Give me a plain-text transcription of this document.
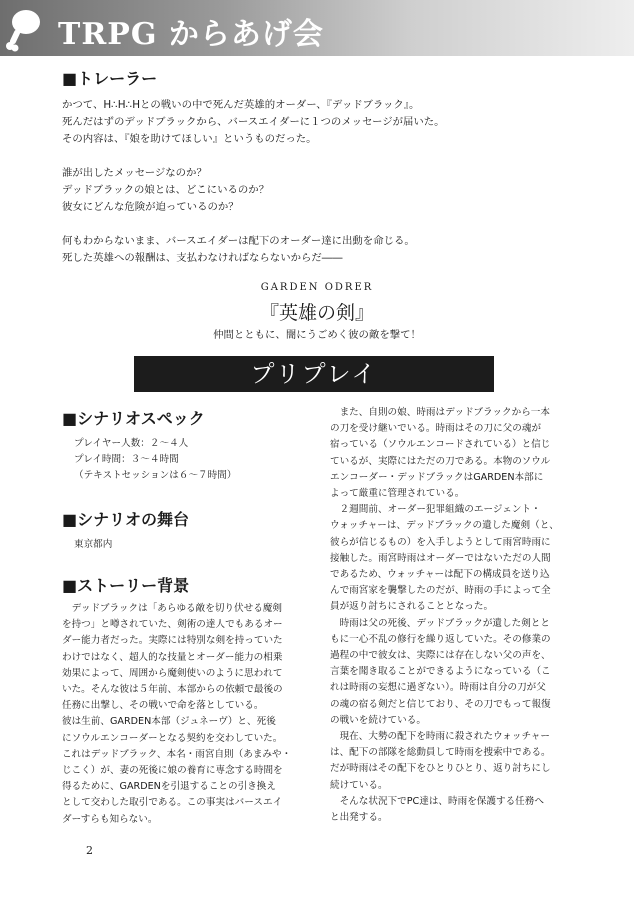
TRPG からあげ会
■トレーラー
かつて、H∴H∴Hとの戦いの中で死んだ英雄的オーダー、『デッドブラック』。
死んだはずのデッドブラックから、バースエイダーに１つのメッセージが届いた。
その内容は、『娘を助けてほしい』というものだった。
誰が出したメッセージなのか？
デッドブラックの娘とは、どこにいるのか？
彼女にどんな危険が迫っているのか？
何もわからないまま、バースエイダーは配下のオーダー達に出動を命じる。
死した英雄への報酬は、支払わなければならないからだ――
GARDEN ODRER
『英雄の剣』
仲間とともに、闇にうごめく彼の敵を撃て！
プリプレイ
■シナリオスペック
プレイヤー人数：２～４人
プレイ時間：３～４時間
（テキストセッションは６～７時間）
■シナリオの舞台
東京都内
■ストーリー背景
　デッドブラックは「あらゆる敵を切り伏せる魔剣
を持つ」と噂されていた、剣術の達人でもあるオー
ダー能力者だった。実際には特別な剣を持っていた
わけではなく、超人的な技量とオーダー能力の相乗
効果によって、周囲から魔剣使いのように思われて
いた。そんな彼は５年前、本部からの依頼で最後の
任務に出撃し、その戦いで命を落としている。
彼は生前、GARDEN本部（ジュネーヴ）と、死後
にソウルエンコーダーとなる契約を交わしていた。
これはデッドブラック、本名・雨宮自則（あまみや・
じこく）が、妻の死後に娘の養育に専念する時間を
得るために、GARDENを引退することの引き換え
として交わした取引である。この事実はバースエイ
ダーすらも知らない。
　また、自則の娘、時雨はデッドブラックから一本
の刀を受け継いでいる。時雨はその刀に父の魂が
宿っている（ソウルエンコードされている）と信じ
ているが、実際にはただの刀である。本物のソウル
エンコーダー・デッドブラックはGARDEN本部に
よって厳重に管理されている。
　２週間前、オーダー犯罪組織のエージェント・
ウォッチャーは、デッドブラックの遺した魔剣（と、
彼らが信じるもの）を入手しようとして雨宮時雨に
接触した。雨宮時雨はオーダーではないただの人間
であるため、ウォッチャーは配下の構成員を送り込
んで雨宮家を襲撃したのだが、時雨の手によって全
員が返り討ちにされることとなった。
　時雨は父の死後、デッドブラックが遺した剣とと
もに一心不乱の修行を繰り返していた。その修業の
過程の中で彼女は、実際には存在しない父の声を、
言葉を聞き取ることができるようになっている（こ
れは時雨の妄想に過ぎない）。時雨は自分の刀が父
の魂の宿る剣だと信じており、その刀でもって報復
の戦いを続けている。
　現在、大勢の配下を時雨に殺されたウォッチャー
は、配下の部隊を総動員して時雨を捜索中である。
だが時雨はその配下をひとりひとり、返り討ちにし
続けている。
　そんな状況下でPC達は、時雨を保護する任務へ
と出発する。
2
